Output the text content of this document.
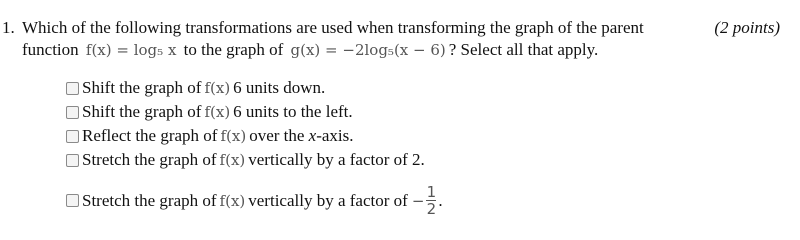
1. Which of the following transformations are used when transforming the graph of the parent	(2 points)
function f(x) = log₅ x to the graph of g(x) = −2log₅(x − 6) ? Select all that apply.
Shift the graph of f(x) 6 units down.
Shift the graph of f(x) 6 units to the left.
Reflect the graph of f(x) over the x -axis.
Stretch the graph of f(x) vertically by a factor of 2.
Stretch the graph of f(x) vertically by a factor of − $\frac{1}{2}$ .
